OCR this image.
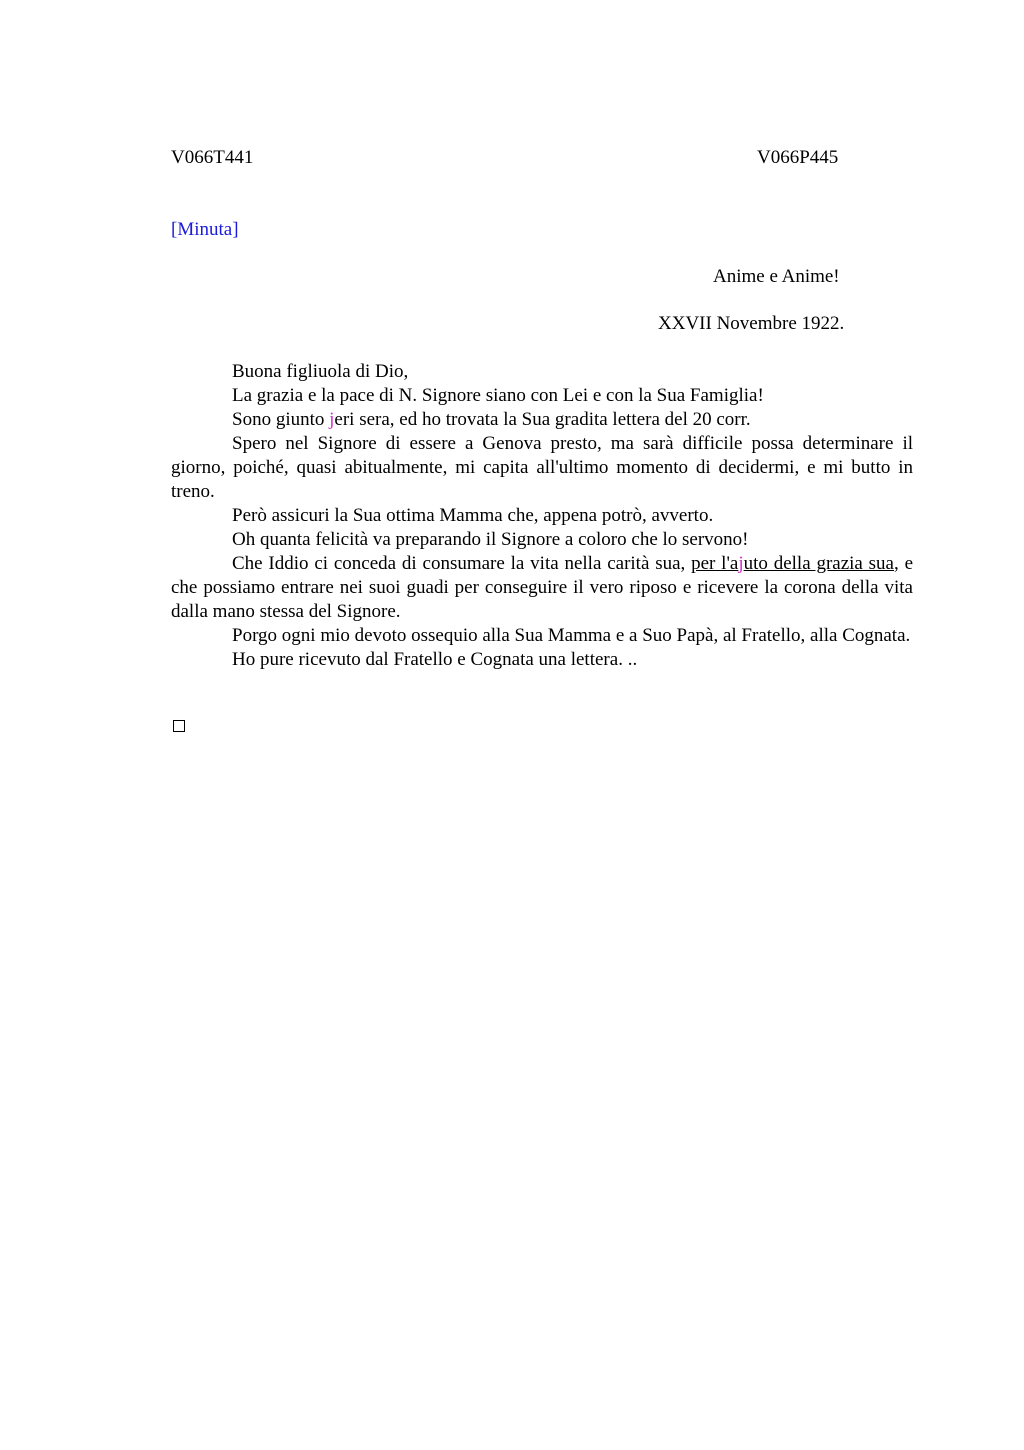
V066T441	V066P445
[Minuta]
Anime e Anime!
XXVII Novembre 1922.

Buona figliuola di Dio,

La grazia e la pace di N. Signore siano con Lei e con la Sua Famiglia!

Sono giunto jeri sera, ed ho trovata la Sua gradita lettera del 20 corr.

Spero nel Signore di essere a Genova presto, ma sarà difficile possa determinare il giorno, poiché, quasi abitualmente, mi capita all'ultimo momento di decidermi, e mi butto in treno.

Però assicuri la Sua ottima Mamma che, appena potrò, avverto.

Oh quanta felicità va preparando il Signore a coloro che lo servono!

Che Iddio ci conceda di consumare la vita nella carità sua, per l'ajuto della grazia sua, e che possiamo entrare nei suoi guadi per conseguire il vero riposo e ricevere la corona della vita dalla mano stessa del Signore.

Porgo ogni mio devoto ossequio alla Sua Mamma e a Suo Papà, al Fratello, alla Cognata.

Ho pure ricevuto dal Fratello e Cognata una lettera. ..
